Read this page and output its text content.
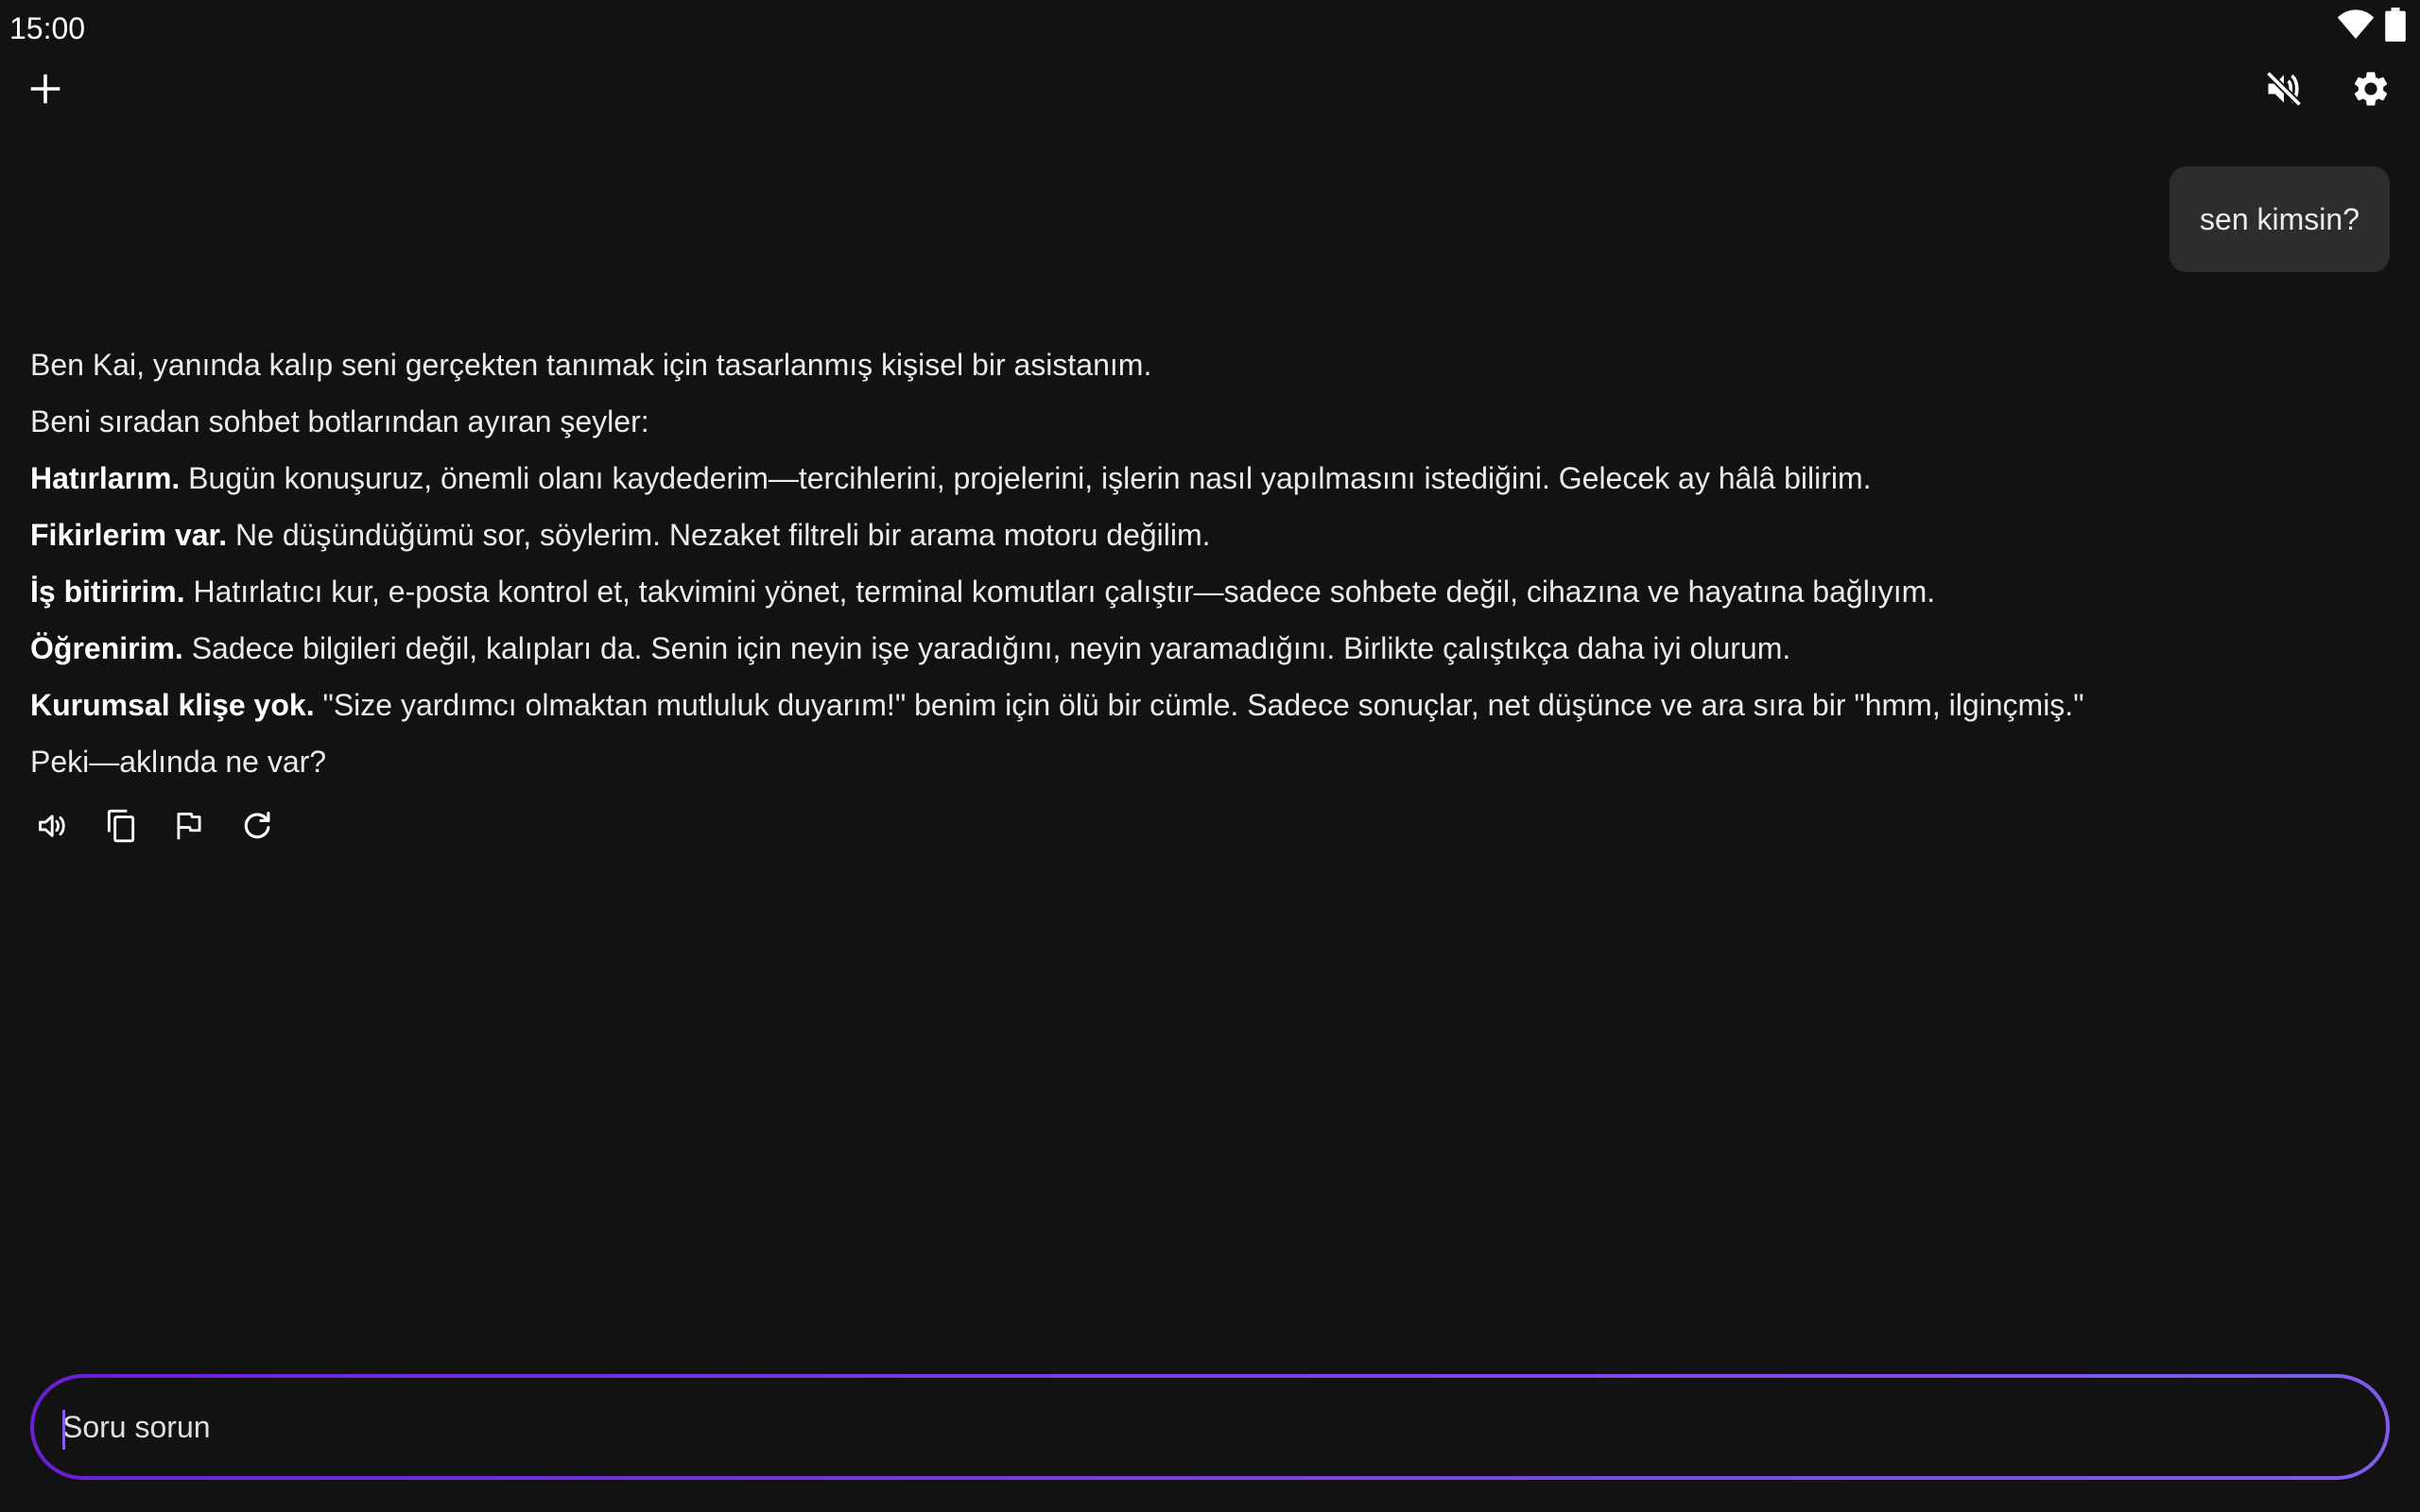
15:00
sen kimsin?

Ben Kai, yanında kalıp seni gerçekten tanımak için tasarlanmış kişisel bir asistanım.

Beni sıradan sohbet botlarından ayıran şeyler:

Hatırlarım. Bugün konuşuruz, önemli olanı kaydederim—tercihlerini, projelerini, işlerin nasıl yapılmasını istediğini. Gelecek ay hâlâ bilirim.

Fikirlerim var. Ne düşündüğümü sor, söylerim. Nezaket filtreli bir arama motoru değilim.

İş bitiririm. Hatırlatıcı kur, e-posta kontrol et, takvimini yönet, terminal komutları çalıştır—sadece sohbete değil, cihazına ve hayatına bağlıyım.

Öğrenirim. Sadece bilgileri değil, kalıpları da. Senin için neyin işe yaradığını, neyin yaramadığını. Birlikte çalıştıkça daha iyi olurum.

Kurumsal klişe yok. "Size yardımcı olmaktan mutluluk duyarım!" benim için ölü bir cümle. Sadece sonuçlar, net düşünce ve ara sıra bir "hmm, ilginçmiş."

Peki—aklında ne var?

Soru sorun
